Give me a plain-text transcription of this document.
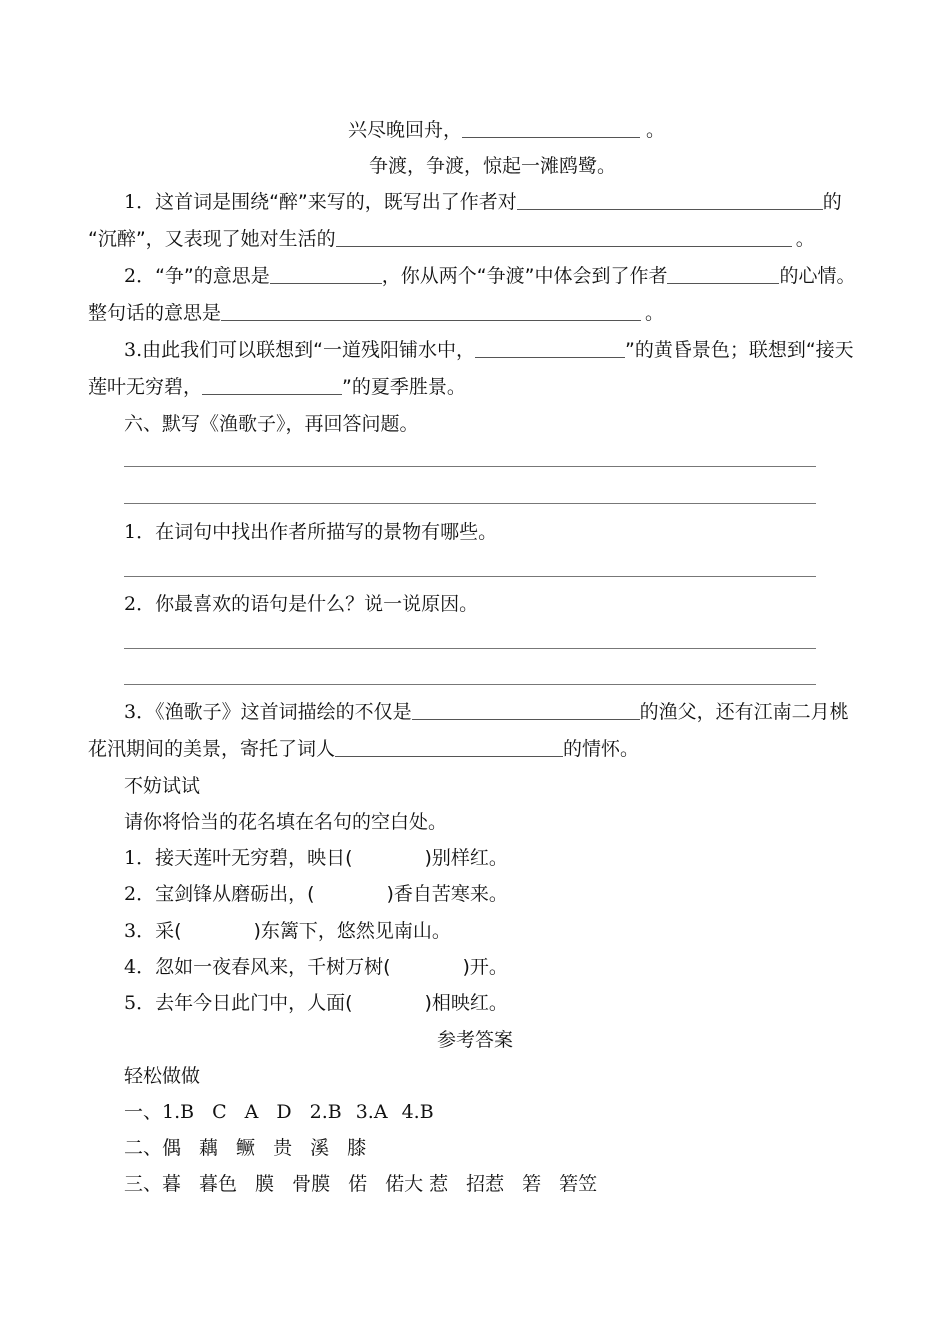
兴尽晚回舟，	。
争渡，争渡，惊起一滩鸥鹭。
1．这首词是围绕“醉”来写的，既写出了作者对	的
“沉醉”，又表现了她对生活的	。
2．“争”的意思是	，你从两个“争渡”中体会到了作者	的心情。
整句话的意思是	。
3.由此我们可以联想到“一道残阳铺水中，	”的黄昏景色；联想到“接天
莲叶无穷碧，	”的夏季胜景。
六、默写《渔歌子》，再回答问题。
1．在词句中找出作者所描写的景物有哪些。
2．你最喜欢的语句是什么？说一说原因。
3．《渔歌子》这首词描绘的不仅是	的渔父，还有江南二月桃
花汛期间的美景，寄托了词人	的情怀。
不妨试试
请你将恰当的花名填在名句的空白处。
1．接天莲叶无穷碧，映日(	)别样红。
2．宝剑锋从磨砺出，(	)香自苦寒来。
3．采(	)东篱下，悠然见南山。
4．忽如一夜春风来，千树万树(	)开。
5．去年今日此门中，人面(	)相映红。
参考答案
轻松做做
一、1.B C A D 2.B 3.A 4.B
二、偶 藕 鳜 贵 溪 膝
三、暮 暮色 膜 骨膜 偌 偌大 惹 招惹 箬 箬笠
